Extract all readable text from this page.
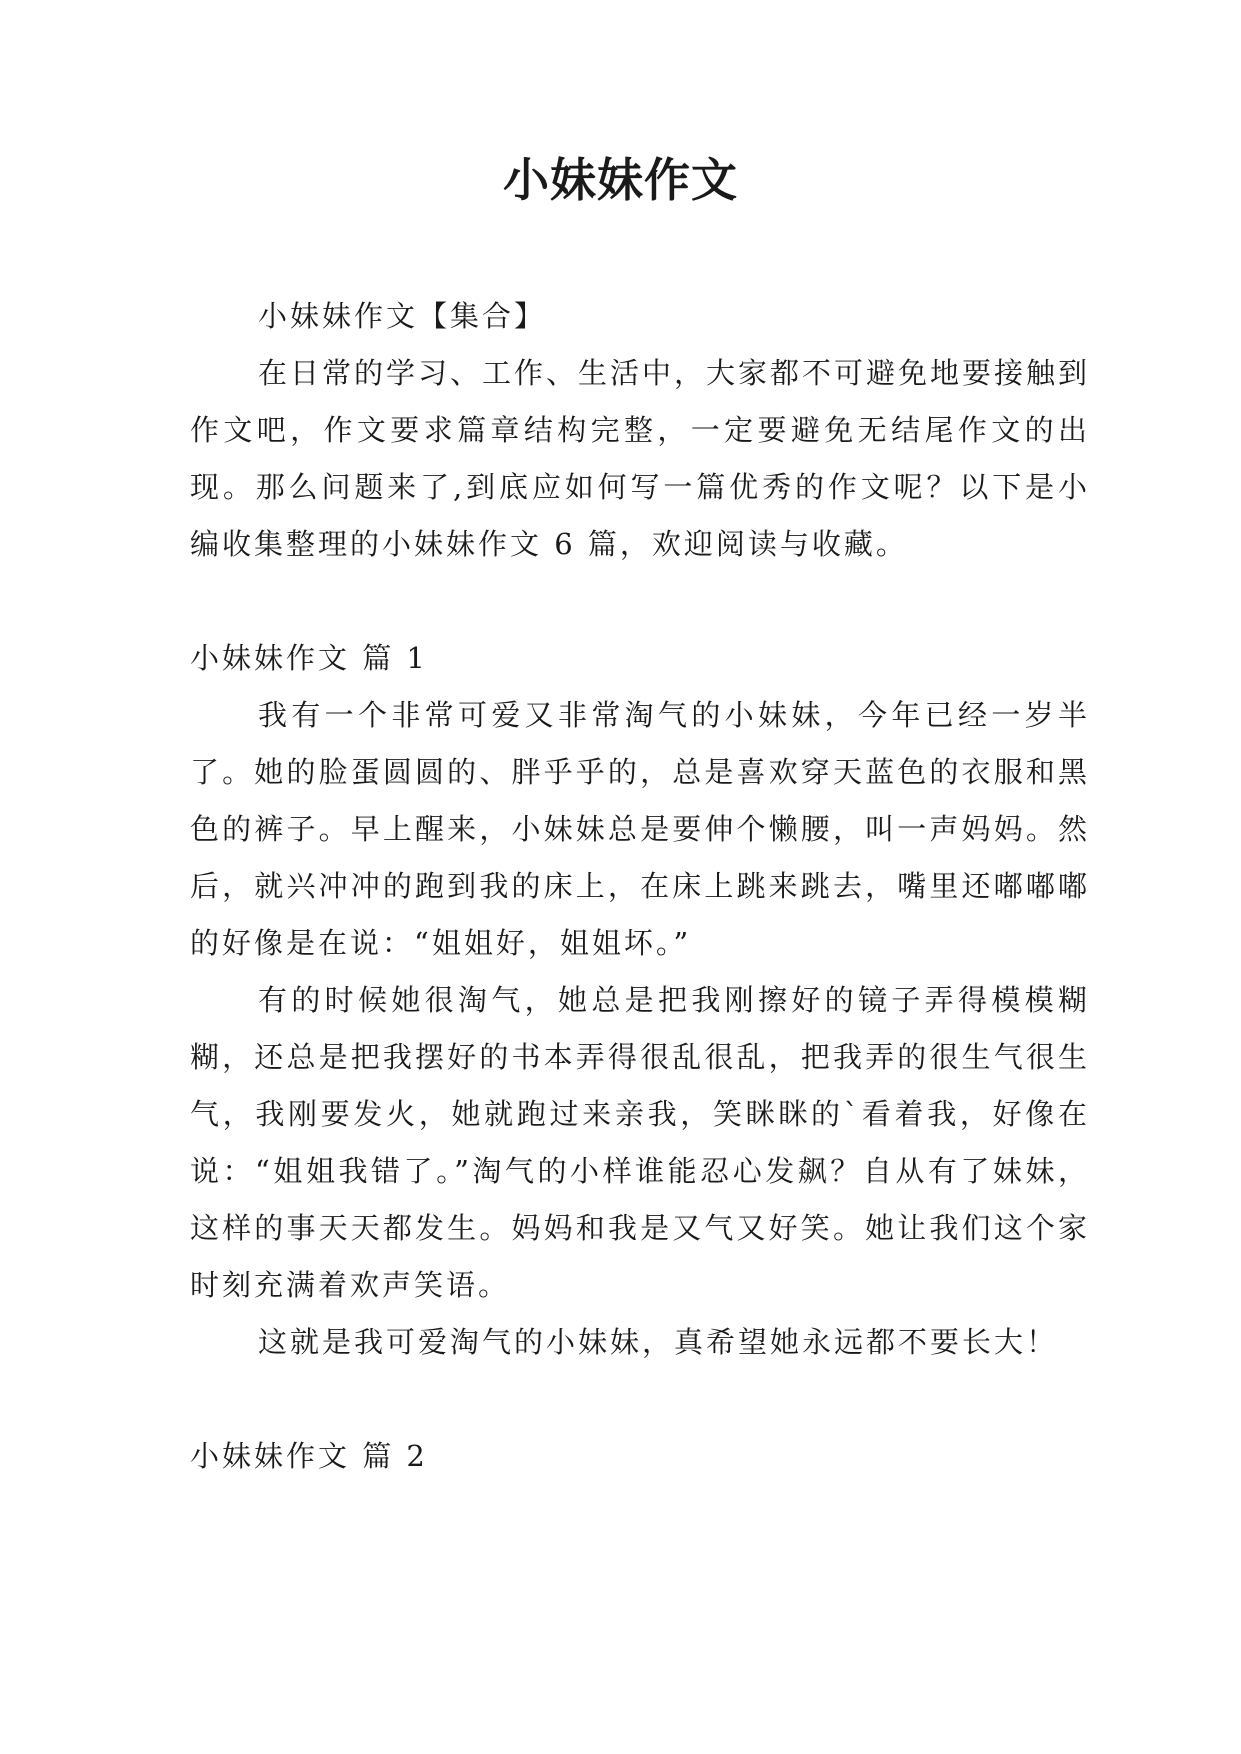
小妹妹作文

小妹妹作文【集合】

在日常的学习、工作、生活中，大家都不可避免地要接触到作文吧，作文要求篇章结构完整，一定要避免无结尾作文的出现。那么问题来了,到底应如何写一篇优秀的作文呢？以下是小编收集整理的小妹妹作文 6 篇，欢迎阅读与收藏。

小妹妹作文 篇 1

我有一个非常可爱又非常淘气的小妹妹，今年已经一岁半了。她的脸蛋圆圆的、胖乎乎的，总是喜欢穿天蓝色的衣服和黑色的裤子。早上醒来，小妹妹总是要伸个懒腰，叫一声妈妈。然后，就兴冲冲的跑到我的床上，在床上跳来跳去，嘴里还嘟嘟嘟的好像是在说：“姐姐好，姐姐坏。”

有的时候她很淘气，她总是把我刚擦好的镜子弄得模模糊糊，还总是把我摆好的书本弄得很乱很乱，把我弄的很生气很生气，我刚要发火，她就跑过来亲我，笑眯眯的`看着我，好像在说：“姐姐我错了。”淘气的小样谁能忍心发飙？自从有了妹妹，这样的事天天都发生。妈妈和我是又气又好笑。她让我们这个家时刻充满着欢声笑语。

这就是我可爱淘气的小妹妹，真希望她永远都不要长大！

小妹妹作文 篇 2
